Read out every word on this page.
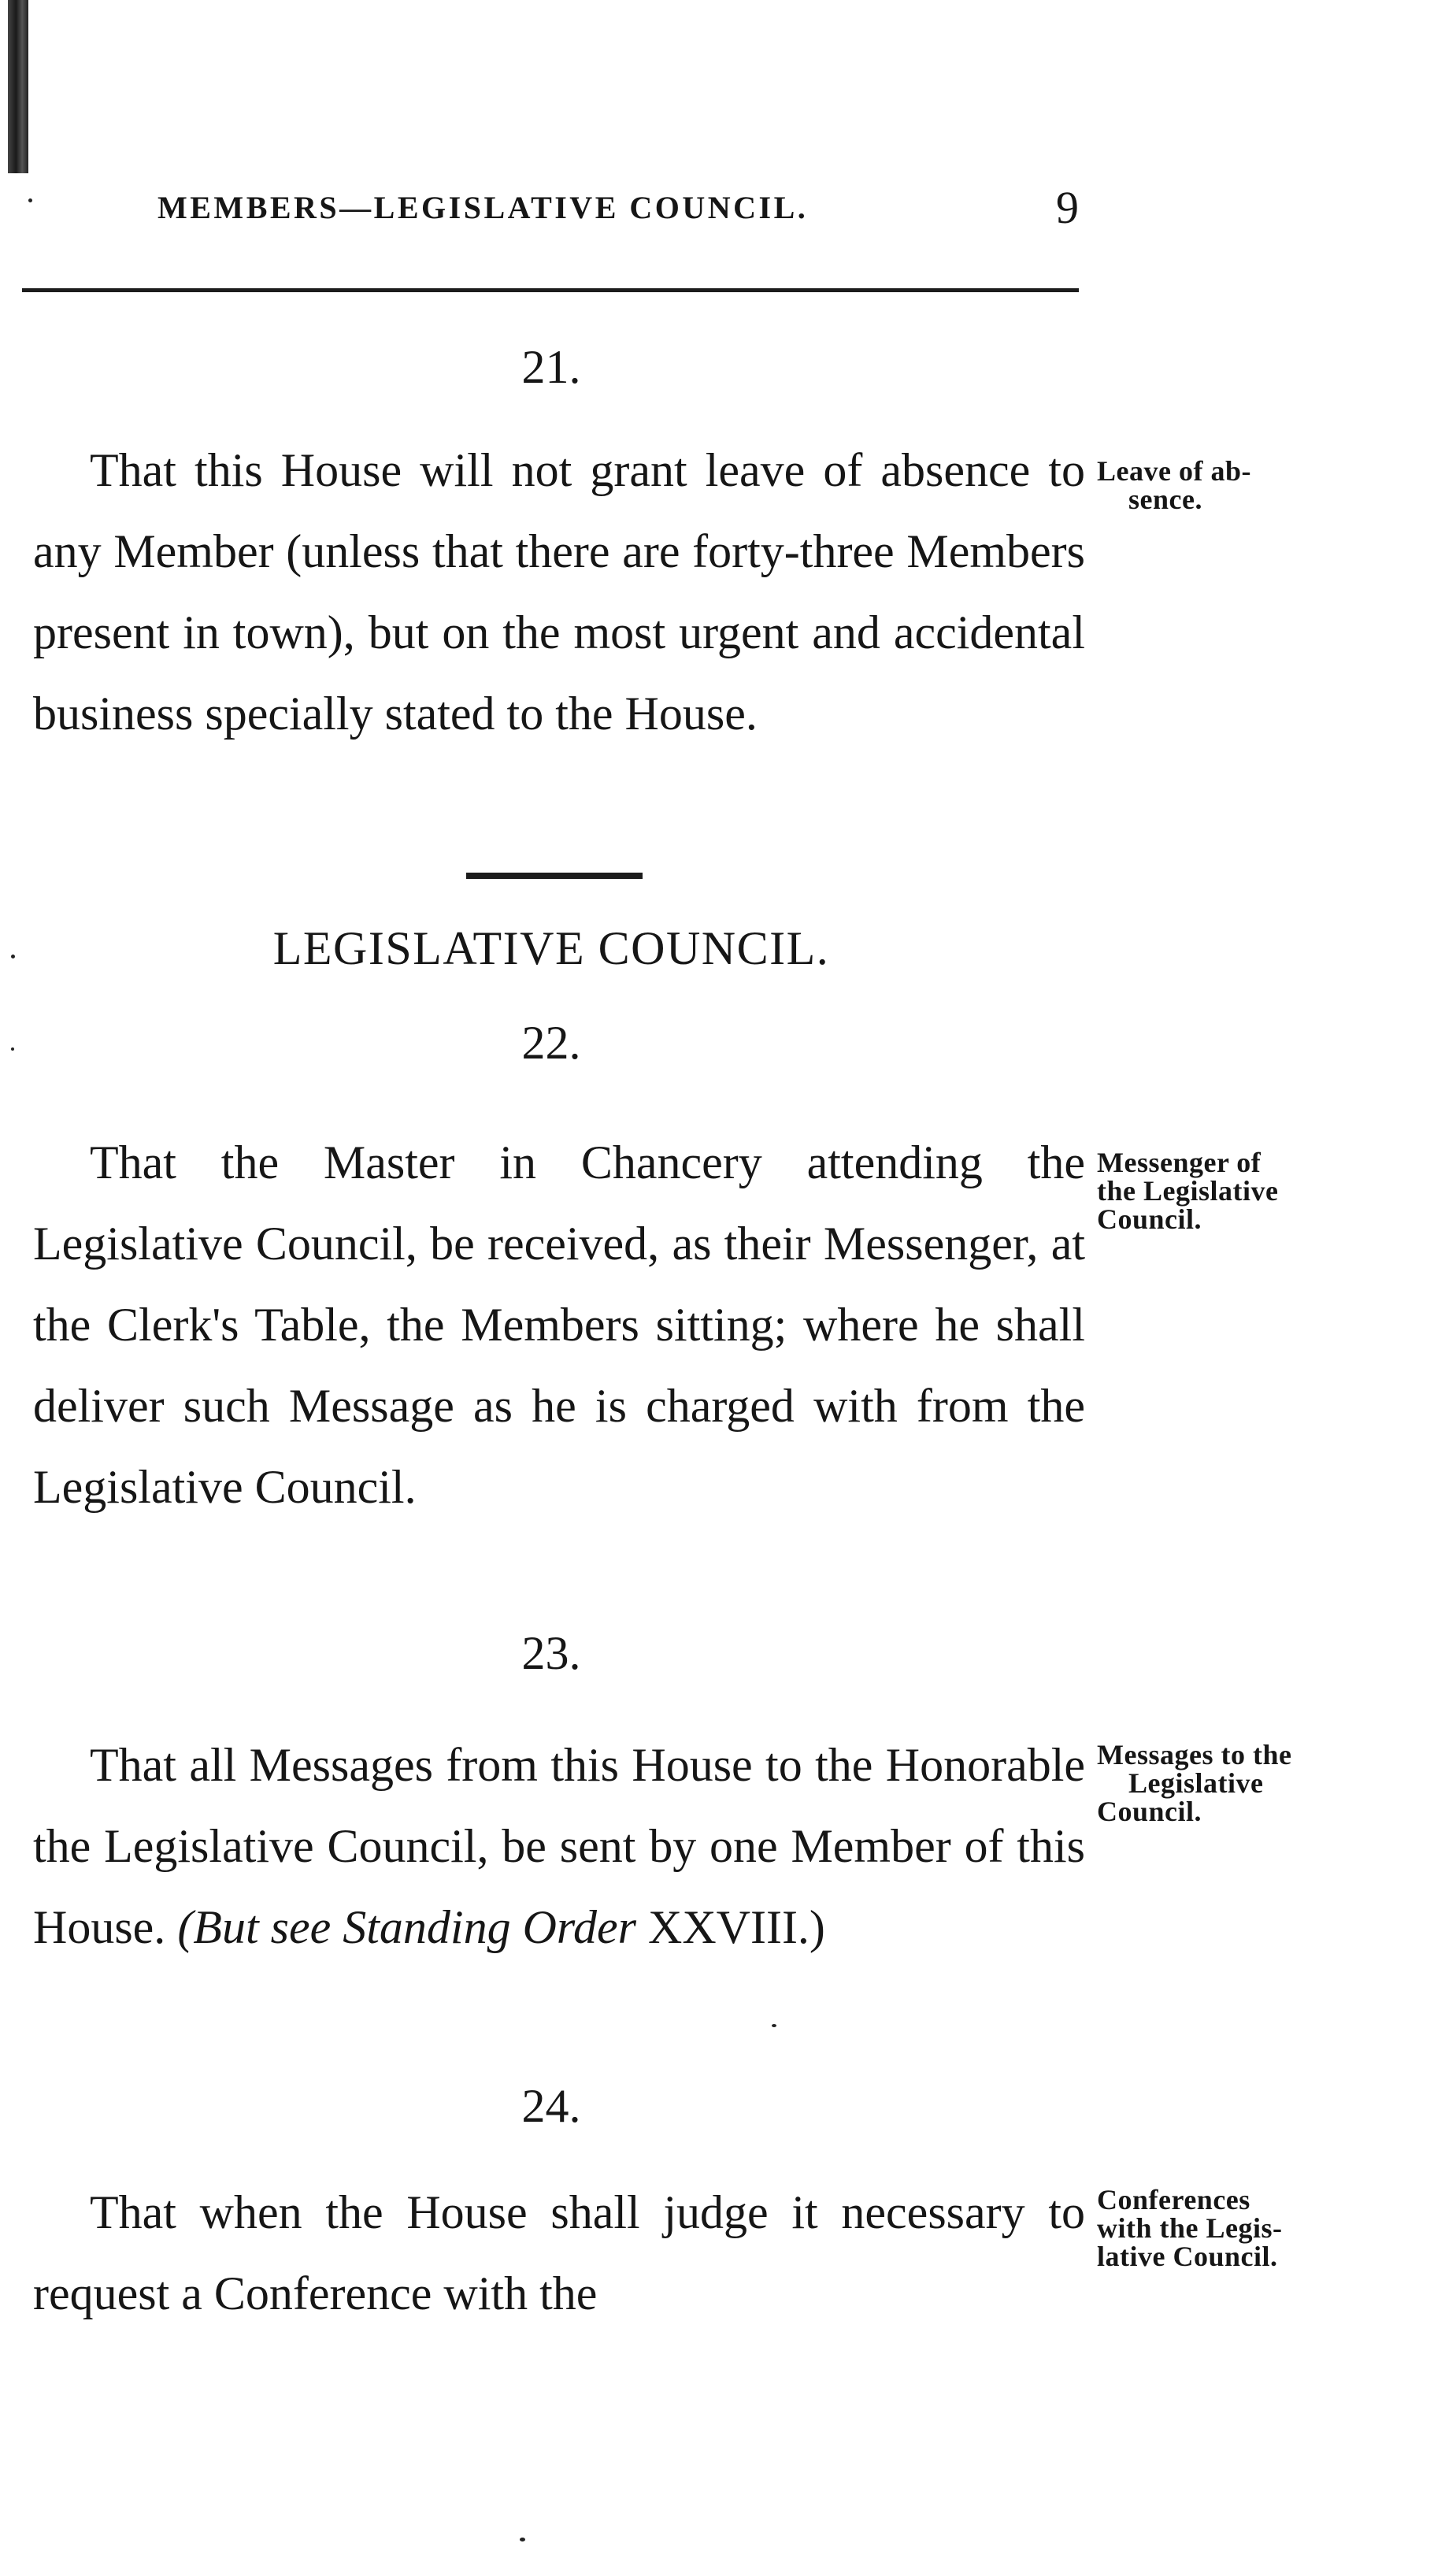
MEMBERS—LEGISLATIVE COUNCIL.	9
21.

That this House will not grant leave of absence to any Member (unless that there are forty-three Members present in town), but on the most urgent and accidental business specially stated to the House.

Leave of ab-
sence.
LEGISLATIVE COUNCIL.
22.

That the Master in Chancery attending the Legislative Council, be received, as their Messenger, at the Clerk's Table, the Members sitting; where he shall deliver such Message as he is charged with from the Legislative Council.

Messenger of
the Legislative
Council.
23.

That all Messages from this House to the Honorable the Legislative Council, be sent by one Member of this House. (But see Standing Order XXVIII.)

Messages to the
Legislative
Council.
24.

That when the House shall judge it necessary to request a Conference with the

Conferences
with the Legis-
lative Council.
